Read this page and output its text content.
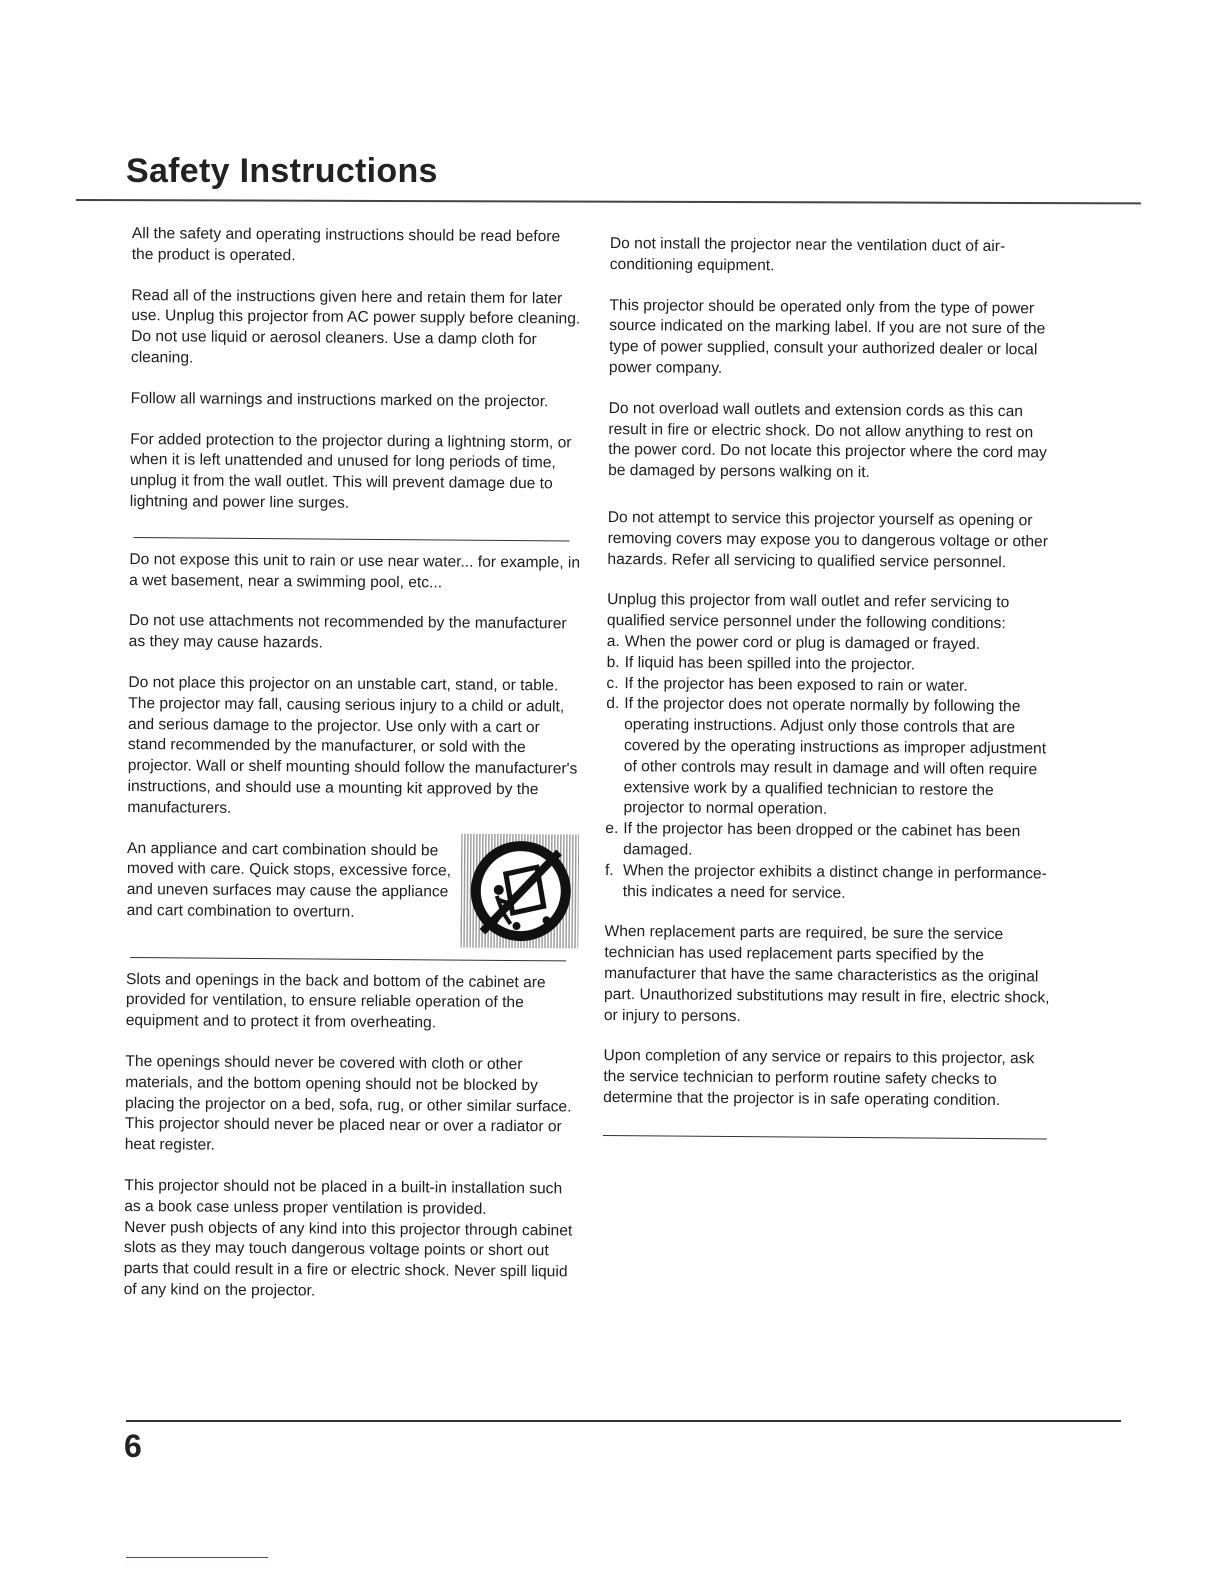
Safety Instructions

All the safety and operating instructions should be read before the product is operated.

Read all of the instructions given here and retain them for later use. Unplug this projector from AC power supply before cleaning. Do not use liquid or aerosol cleaners. Use a damp cloth for cleaning.

Follow all warnings and instructions marked on the projector.

For added protection to the projector during a lightning storm, or when it is left unattended and unused for long periods of time, unplug it from the wall outlet. This will prevent damage due to lightning and power line surges.

Do not expose this unit to rain or use near water... for example, in a wet basement, near a swimming pool, etc...

Do not use attachments not recommended by the manufacturer as they may cause hazards.

Do not place this projector on an unstable cart, stand, or table. The projector may fall, causing serious injury to a child or adult, and serious damage to the projector. Use only with a cart or stand recommended by the manufacturer, or sold with the projector. Wall or shelf mounting should follow the manufacturer's instructions, and should use a mounting kit approved by the manufacturers.

An appliance and cart combination should be moved with care. Quick stops, excessive force, and uneven surfaces may cause the appliance and cart combination to overturn.

Slots and openings in the back and bottom of the cabinet are provided for ventilation, to ensure reliable operation of the equipment and to protect it from overheating.

The openings should never be covered with cloth or other materials, and the bottom opening should not be blocked by placing the projector on a bed, sofa, rug, or other similar surface. This projector should never be placed near or over a radiator or heat register.

This projector should not be placed in a built-in installation such as a book case unless proper ventilation is provided.

Never push objects of any kind into this projector through cabinet slots as they may touch dangerous voltage points or short out parts that could result in a fire or electric shock. Never spill liquid of any kind on the projector.

Do not install the projector near the ventilation duct of air-conditioning equipment.

This projector should be operated only from the type of power source indicated on the marking label. If you are not sure of the type of power supplied, consult your authorized dealer or local power company.

Do not overload wall outlets and extension cords as this can result in fire or electric shock. Do not allow anything to rest on the power cord. Do not locate this projector where the cord may be damaged by persons walking on it.

Do not attempt to service this projector yourself as opening or removing covers may expose you to dangerous voltage or other hazards. Refer all servicing to qualified service personnel.

Unplug this projector from wall outlet and refer servicing to qualified service personnel under the following conditions:

a. When the power cord or plug is damaged or frayed.
b. If liquid has been spilled into the projector.
c. If the projector has been exposed to rain or water.
d. If the projector does not operate normally by following the operating instructions. Adjust only those controls that are covered by the operating instructions as improper adjustment of other controls may result in damage and will often require extensive work by a qualified technician to restore the projector to normal operation.
e. If the projector has been dropped or the cabinet has been damaged.
f. When the projector exhibits a distinct change in performance-this indicates a need for service.

When replacement parts are required, be sure the service technician has used replacement parts specified by the manufacturer that have the same characteristics as the original part. Unauthorized substitutions may result in fire, electric shock, or injury to persons.

Upon completion of any service or repairs to this projector, ask the service technician to perform routine safety checks to determine that the projector is in safe operating condition.

6
